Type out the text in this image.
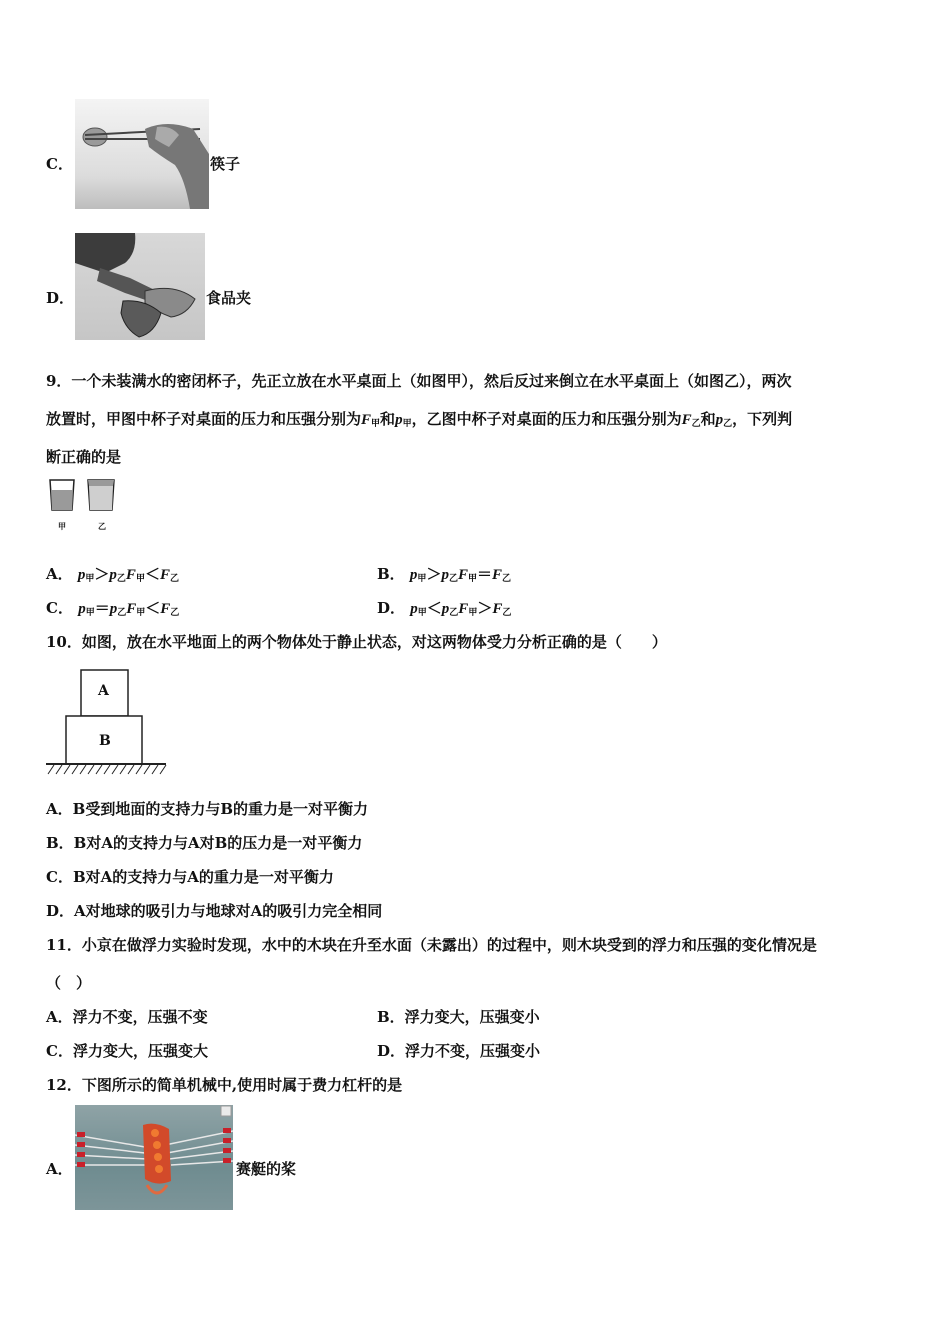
C．	筷子
D．	食品夹
9．一个未装满水的密闭杯子，先正立放在水平桌面上（如图甲），然后反过来倒立在水平桌面上（如图乙），两次
放置时，甲图中杯子对桌面的压力和压强分别为$F_甲$和$p_甲$，乙图中杯子对桌面的压力和压强分别为$F_乙$和$p_乙$，下列判
断正确的是
甲	乙
A． $p_甲>p_乙F_甲<F_乙$	B． $p_甲>p_乙F_甲=F_乙$
C． $p_甲=p_乙F_甲<F_乙$	D． $p_甲<p_乙F_甲>F_乙$
10．如图，放在水平地面上的两个物体处于静止状态，对这两物体受力分析正确的是（　　）
A
B
A．B受到地面的支持力与B的重力是一对平衡力
B．B对A的支持力与A对B的压力是一对平衡力
C．B对A的支持力与A的重力是一对平衡力
D．A对地球的吸引力与地球对A的吸引力完全相同
11．小京在做浮力实验时发现，水中的木块在升至水面（未露出）的过程中，则木块受到的浮力和压强的变化情况是
（　）
A．浮力不变，压强不变	B．浮力变大，压强变小
C．浮力变大，压强变大	D．浮力不变，压强变小
12．下图所示的简单机械中,使用时属于费力杠杆的是
A．	赛艇的桨
